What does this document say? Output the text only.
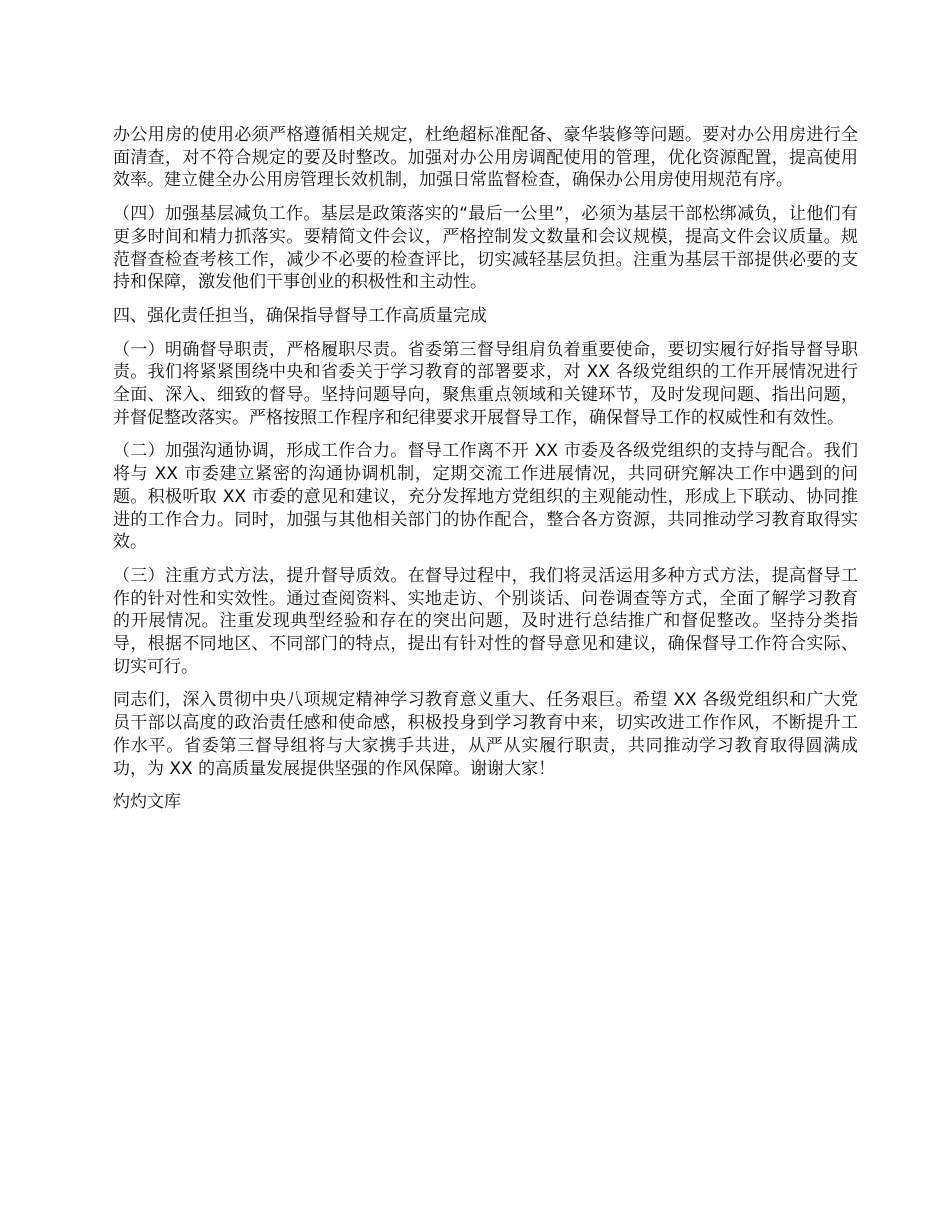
办公用房的使用必须严格遵循相关规定，杜绝超标准配备、豪华装修等问题。要对办公用房进行全面清查，对不符合规定的要及时整改。加强对办公用房调配使用的管理，优化资源配置，提高使用效率。建立健全办公用房管理长效机制，加强日常监督检查，确保办公用房使用规范有序。

（四）加强基层减负工作。基层是政策落实的“最后一公里”，必须为基层干部松绑减负，让他们有更多时间和精力抓落实。要精简文件会议，严格控制发文数量和会议规模，提高文件会议质量。规范督查检查考核工作，减少不必要的检查评比，切实减轻基层负担。注重为基层干部提供必要的支持和保障，激发他们干事创业的积极性和主动性。

四、强化责任担当，确保指导督导工作高质量完成

（一）明确督导职责，严格履职尽责。省委第三督导组肩负着重要使命，要切实履行好指导督导职责。我们将紧紧围绕中央和省委关于学习教育的部署要求，对 XX 各级党组织的工作开展情况进行全面、深入、细致的督导。坚持问题导向，聚焦重点领域和关键环节，及时发现问题、指出问题，并督促整改落实。严格按照工作程序和纪律要求开展督导工作，确保督导工作的权威性和有效性。

（二）加强沟通协调，形成工作合力。督导工作离不开 XX 市委及各级党组织的支持与配合。我们将与 XX 市委建立紧密的沟通协调机制，定期交流工作进展情况，共同研究解决工作中遇到的问题。积极听取 XX 市委的意见和建议，充分发挥地方党组织的主观能动性，形成上下联动、协同推进的工作合力。同时，加强与其他相关部门的协作配合，整合各方资源，共同推动学习教育取得实效。

（三）注重方式方法，提升督导质效。在督导过程中，我们将灵活运用多种方式方法，提高督导工作的针对性和实效性。通过查阅资料、实地走访、个别谈话、问卷调查等方式，全面了解学习教育的开展情况。注重发现典型经验和存在的突出问题，及时进行总结推广和督促整改。坚持分类指导，根据不同地区、不同部门的特点，提出有针对性的督导意见和建议，确保督导工作符合实际、切实可行。

同志们，深入贯彻中央八项规定精神学习教育意义重大、任务艰巨。希望 XX 各级党组织和广大党员干部以高度的政治责任感和使命感，积极投身到学习教育中来，切实改进工作作风，不断提升工作水平。省委第三督导组将与大家携手共进，从严从实履行职责，共同推动学习教育取得圆满成功，为 XX 的高质量发展提供坚强的作风保障。谢谢大家！

灼灼文库
